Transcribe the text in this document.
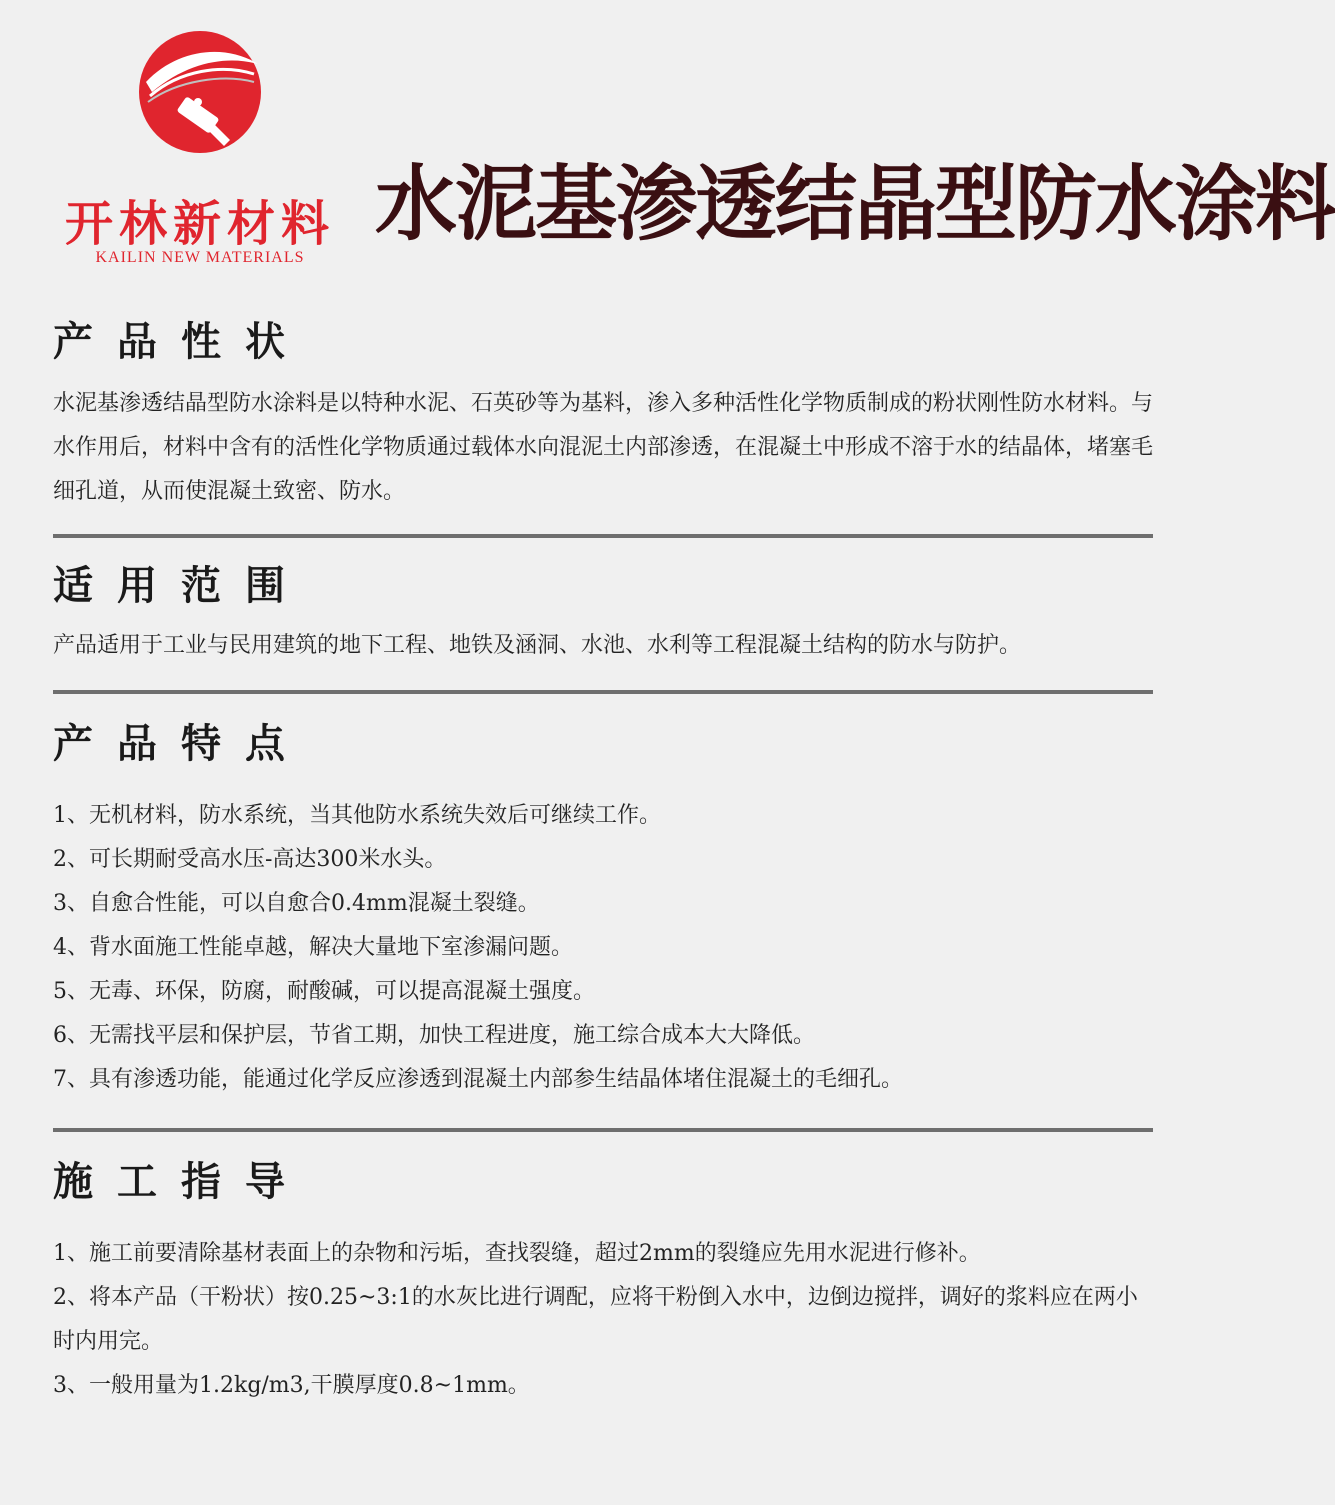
开林新材料
KAILIN NEW MATERIALS
水泥基渗透结晶型防水涂料
产品性状

水泥基渗透结晶型防水涂料是以特种水泥、石英砂等为基料，渗入多种活性化学物质制成的粉状刚性防水材料。与水作用后，材料中含有的活性化学物质通过载体水向混泥土内部渗透，在混凝土中形成不溶于水的结晶体，堵塞毛细孔道，从而使混凝土致密、防水。

适用范围

产品适用于工业与民用建筑的地下工程、地铁及涵洞、水池、水利等工程混凝土结构的防水与防护。

产品特点

1、无机材料，防水系统，当其他防水系统失效后可继续工作。

2、可长期耐受高水压-高达300米水头。

3、自愈合性能，可以自愈合0.4mm混凝土裂缝。

4、背水面施工性能卓越，解决大量地下室渗漏问题。

5、无毒、环保，防腐，耐酸碱，可以提高混凝土强度。

6、无需找平层和保护层，节省工期，加快工程进度，施工综合成本大大降低。

7、具有渗透功能，能通过化学反应渗透到混凝土内部参生结晶体堵住混凝土的毛细孔。

施工指导

1、施工前要清除基材表面上的杂物和污垢，查找裂缝，超过2mm的裂缝应先用水泥进行修补。

2、将本产品（干粉状）按0.25~3:1的水灰比进行调配，应将干粉倒入水中，边倒边搅拌，调好的浆料应在两小时内用完。

3、一般用量为1.2kg/m3,干膜厚度0.8~1mm。
